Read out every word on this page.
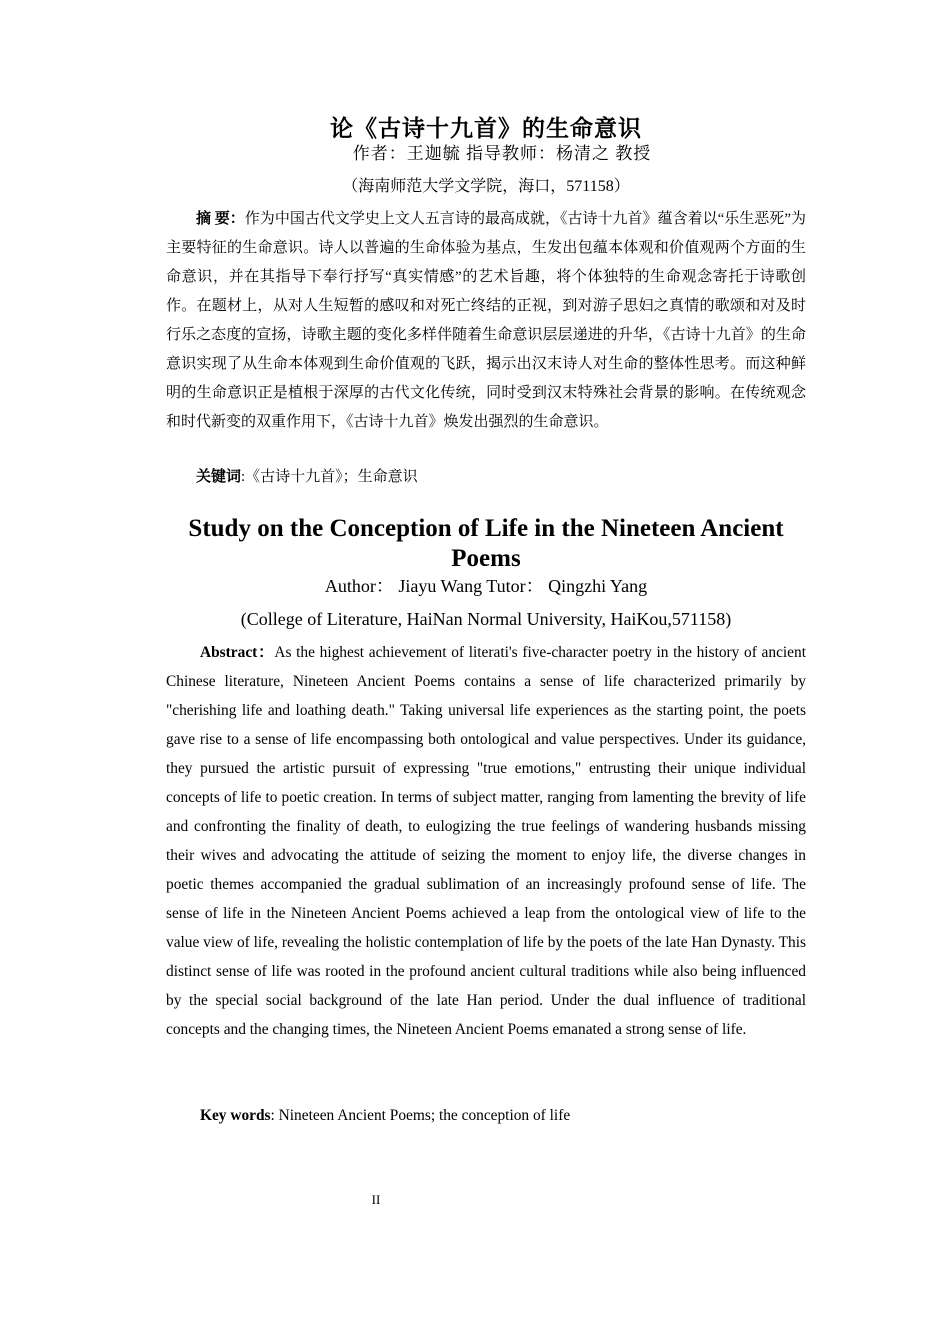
论《古诗十九首》的生命意识
作者：王迦毓 指导教师：杨清之 教授
（海南师范大学文学院，海口，571158）

摘 要：作为中国古代文学史上文人五言诗的最高成就，《古诗十九首》蕴含着以“乐生恶死”为主要特征的生命意识。诗人以普遍的生命体验为基点，生发出包蕴本体观和价值观两个方面的生命意识，并在其指导下奉行抒写“真实情感”的艺术旨趣，将个体独特的生命观念寄托于诗歌创作。在题材上，从对人生短暂的感叹和对死亡终结的正视，到对游子思妇之真情的歌颂和对及时行乐之态度的宣扬，诗歌主题的变化多样伴随着生命意识层层递进的升华，《古诗十九首》的生命意识实现了从生命本体观到生命价值观的飞跃，揭示出汉末诗人对生命的整体性思考。而这种鲜明的生命意识正是植根于深厚的古代文化传统，同时受到汉末特殊社会背景的影响。在传统观念和时代新变的双重作用下，《古诗十九首》焕发出强烈的生命意识。

关键词:《古诗十九首》；生命意识

Study on the Conception of Life in the Nineteen Ancient Poems
Author： Jiayu Wang Tutor： Qingzhi Yang
(College of Literature, HaiNan Normal University, HaiKou,571158)

Abstract：As the highest achievement of literati's five-character poetry in the history of ancient Chinese literature, Nineteen Ancient Poems contains a sense of life characterized primarily by "cherishing life and loathing death." Taking universal life experiences as the starting point, the poets gave rise to a sense of life encompassing both ontological and value perspectives. Under its guidance, they pursued the artistic pursuit of expressing "true emotions," entrusting their unique individual concepts of life to poetic creation. In terms of subject matter, ranging from lamenting the brevity of life and confronting the finality of death, to eulogizing the true feelings of wandering husbands missing their wives and advocating the attitude of seizing the moment to enjoy life, the diverse changes in poetic themes accompanied the gradual sublimation of an increasingly profound sense of life. The sense of life in the Nineteen Ancient Poems achieved a leap from the ontological view of life to the value view of life, revealing the holistic contemplation of life by the poets of the late Han Dynasty. This distinct sense of life was rooted in the profound ancient cultural traditions while also being influenced by the special social background of the late Han period. Under the dual influence of traditional concepts and the changing times, the Nineteen Ancient Poems emanated a strong sense of life.

Key words: Nineteen Ancient Poems; the conception of life

II
